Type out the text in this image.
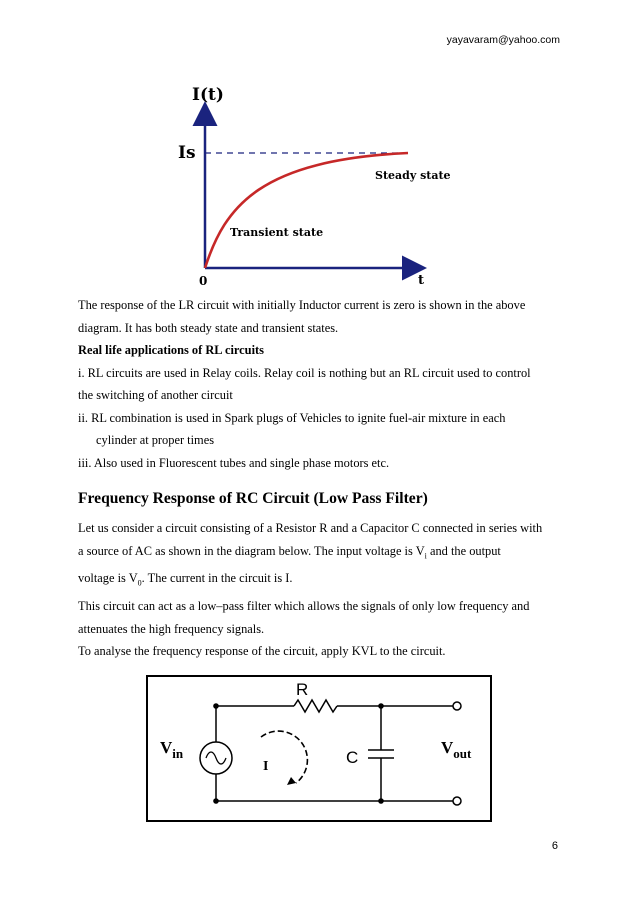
yayavaram@yahoo.com
I(t)
Is
Steady state
Transient state
0	t

The response of the LR circuit with initially Inductor current is zero is shown in the above

diagram. It has both steady state and transient states.

Real life applications of RL circuits

i. RL circuits are used in Relay coils. Relay coil is nothing but an RL circuit used to control

the switching of another circuit

ii. RL combination is used in Spark plugs of Vehicles to ignite fuel-air mixture in each

cylinder at proper times

iii. Also used in Fluorescent tubes and single phase motors etc.

Frequency Response of RC Circuit (Low Pass Filter)

Let us consider a circuit consisting of a Resistor R and a Capacitor C connected in series with

a source of AC as shown in the diagram below. The input voltage is $V_i$ and the output

voltage is $V_0$. The current in the circuit is I.

This circuit can act as a low–pass filter which allows the signals of only low frequency and

attenuates the high frequency signals.

To analyse the frequency response of the circuit, apply KVL to the circuit.

R
C
I
$V_{in}$	$V_{out}$
6
